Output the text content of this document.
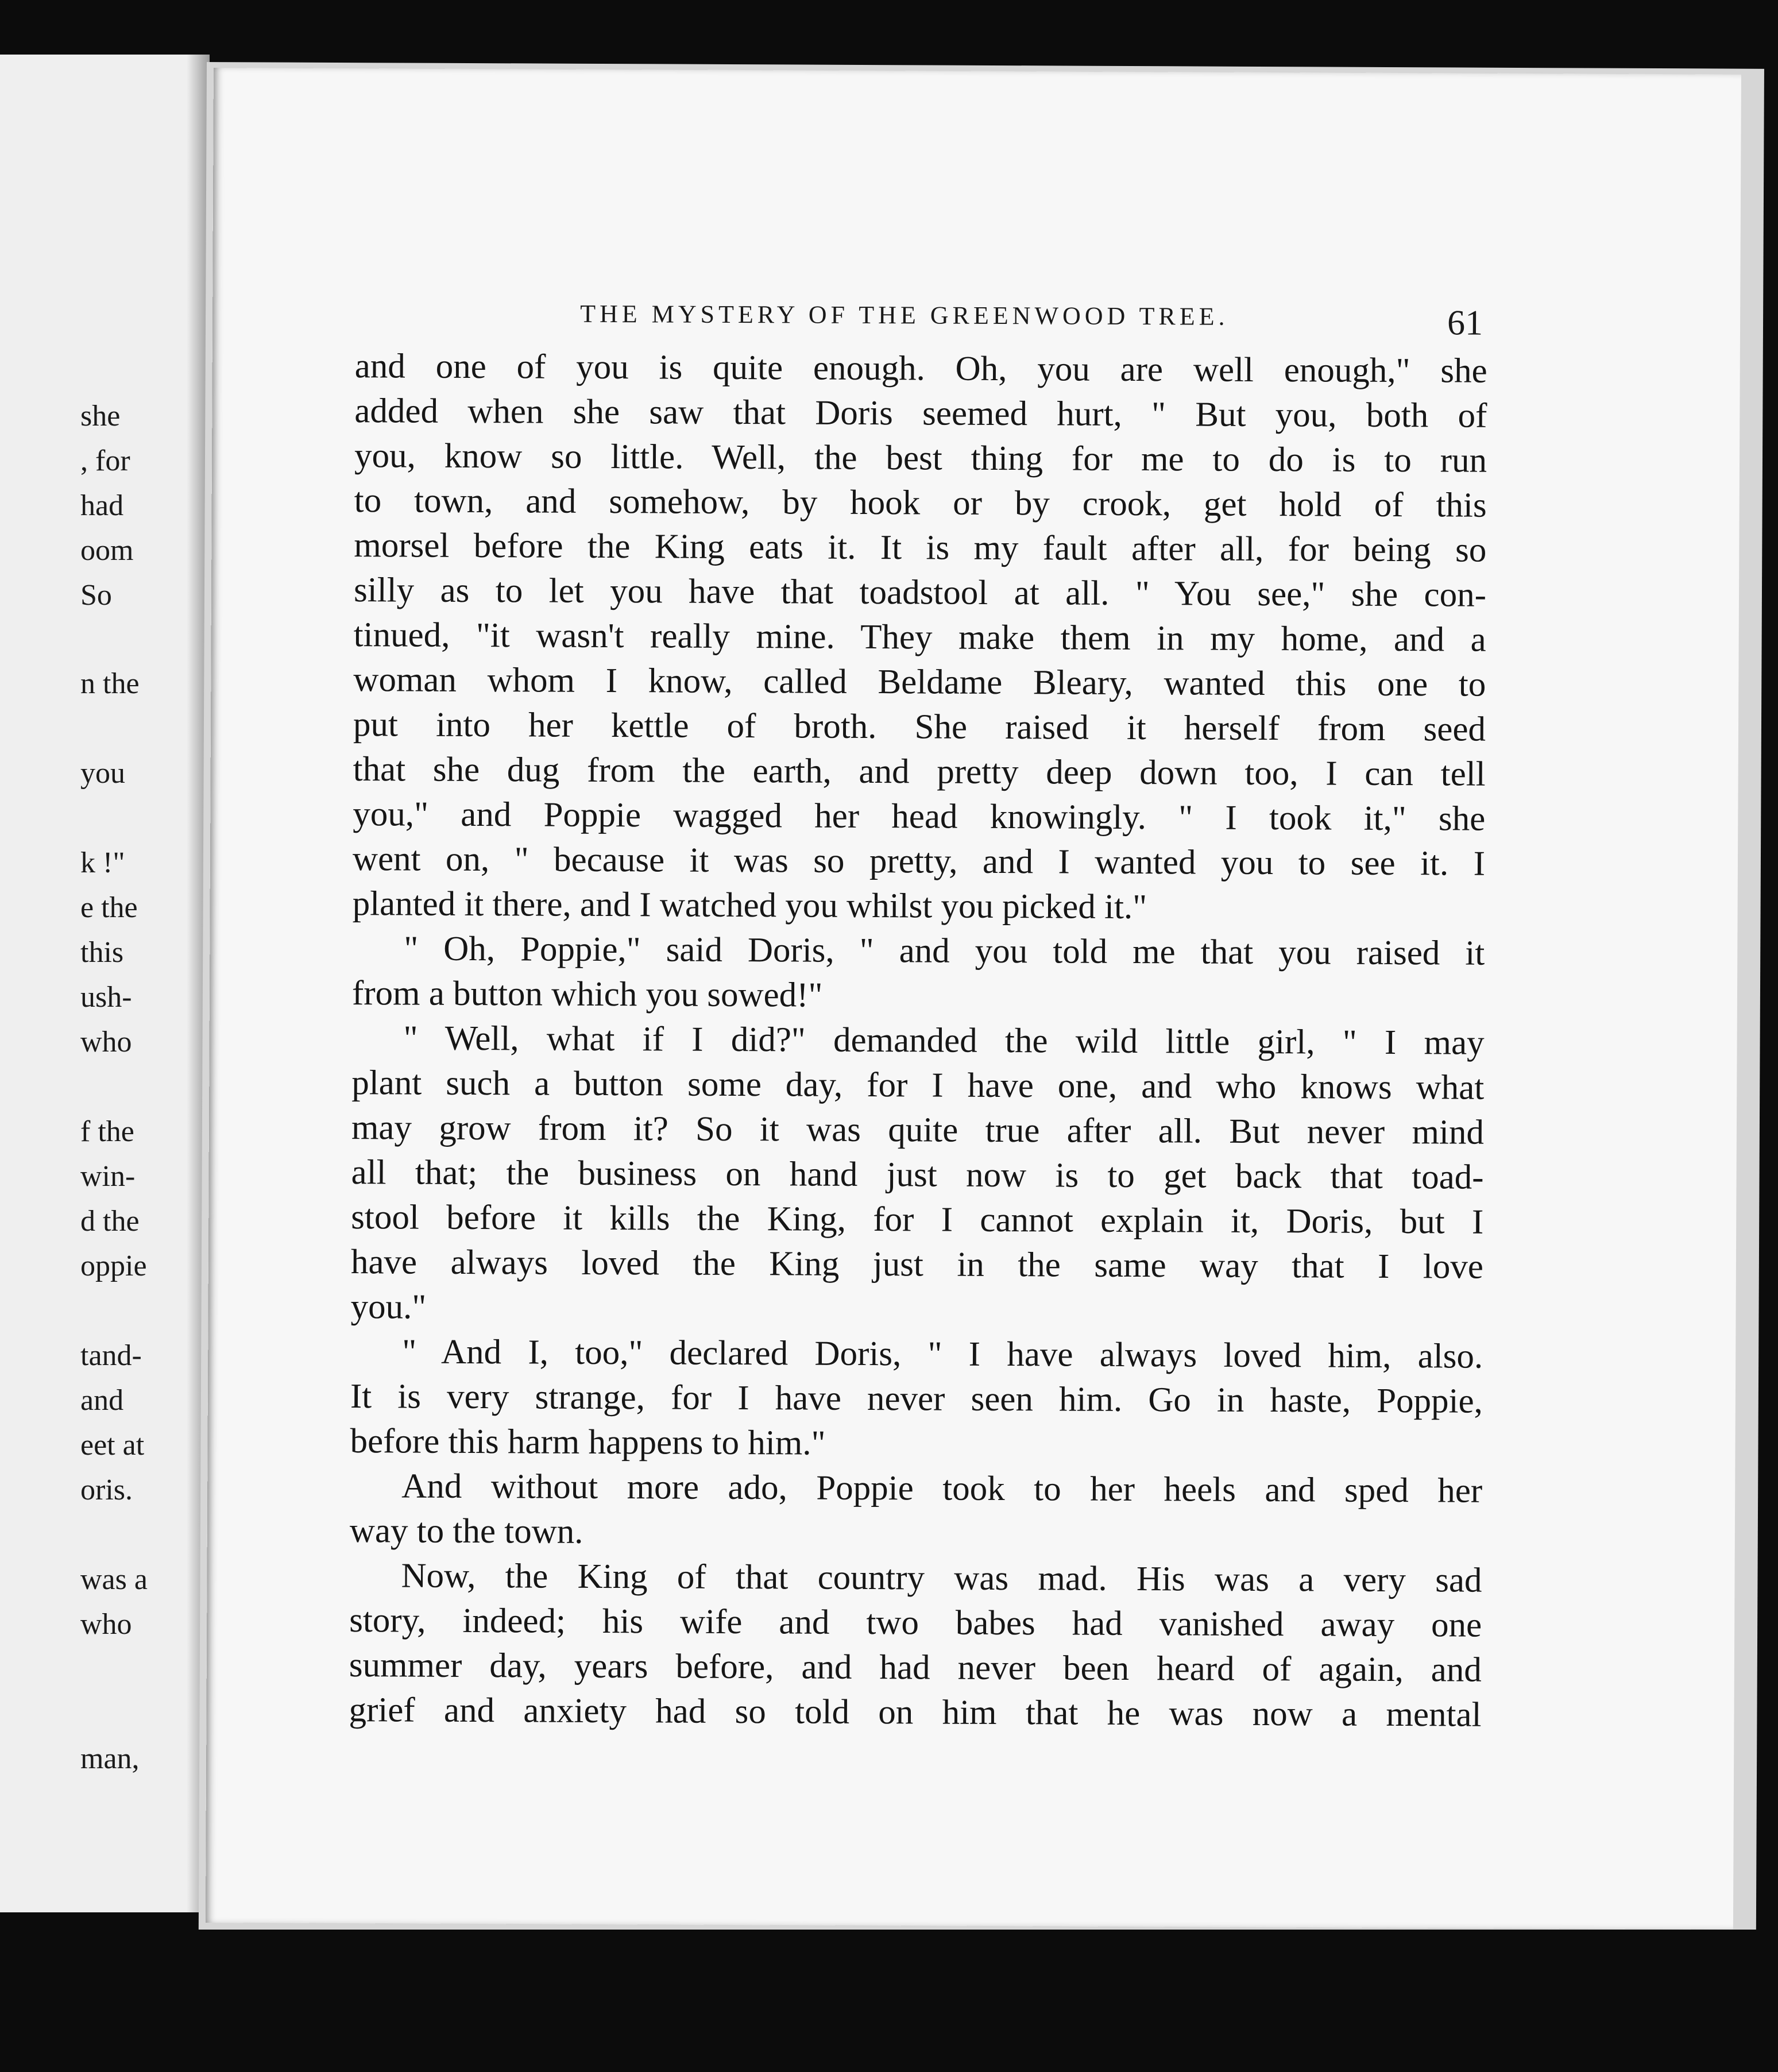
she
, for
had
oom
So
n the
you
k !"
e the
this
ush-
who
f the
win-
d the
oppie
tand-
and
eet at
oris.
was a
who
man,
THE MYSTERY OF THE GREENWOOD TREE.	61
and one of you is quite enough. Oh, you are well enough," she
added when she saw that Doris seemed hurt, " But you, both of
you, know so little. Well, the best thing for me to do is to run
to town, and somehow, by hook or by crook, get hold of this
morsel before the King eats it. It is my fault after all, for being so
silly as to let you have that toadstool at all. " You see," she con-
tinued, "it wasn't really mine. They make them in my home, and a
woman whom I know, called Beldame Bleary, wanted this one to
put into her kettle of broth. She raised it herself from seed
that she dug from the earth, and pretty deep down too, I can tell
you," and Poppie wagged her head knowingly. " I took it," she
went on, " because it was so pretty, and I wanted you to see it. I
planted it there, and I watched you whilst you picked it."
" Oh, Poppie," said Doris, " and you told me that you raised it
from a button which you sowed!"
" Well, what if I did?" demanded the wild little girl, " I may
plant such a button some day, for I have one, and who knows what
may grow from it? So it was quite true after all. But never mind
all that; the business on hand just now is to get back that toad-
stool before it kills the King, for I cannot explain it, Doris, but I
have always loved the King just in the same way that I love
you."
" And I, too," declared Doris, " I have always loved him, also.
It is very strange, for I have never seen him. Go in haste, Poppie,
before this harm happens to him."
And without more ado, Poppie took to her heels and sped her
way to the town.
Now, the King of that country was mad. His was a very sad
story, indeed; his wife and two babes had vanished away one
summer day, years before, and had never been heard of again, and
grief and anxiety had so told on him that he was now a mental
